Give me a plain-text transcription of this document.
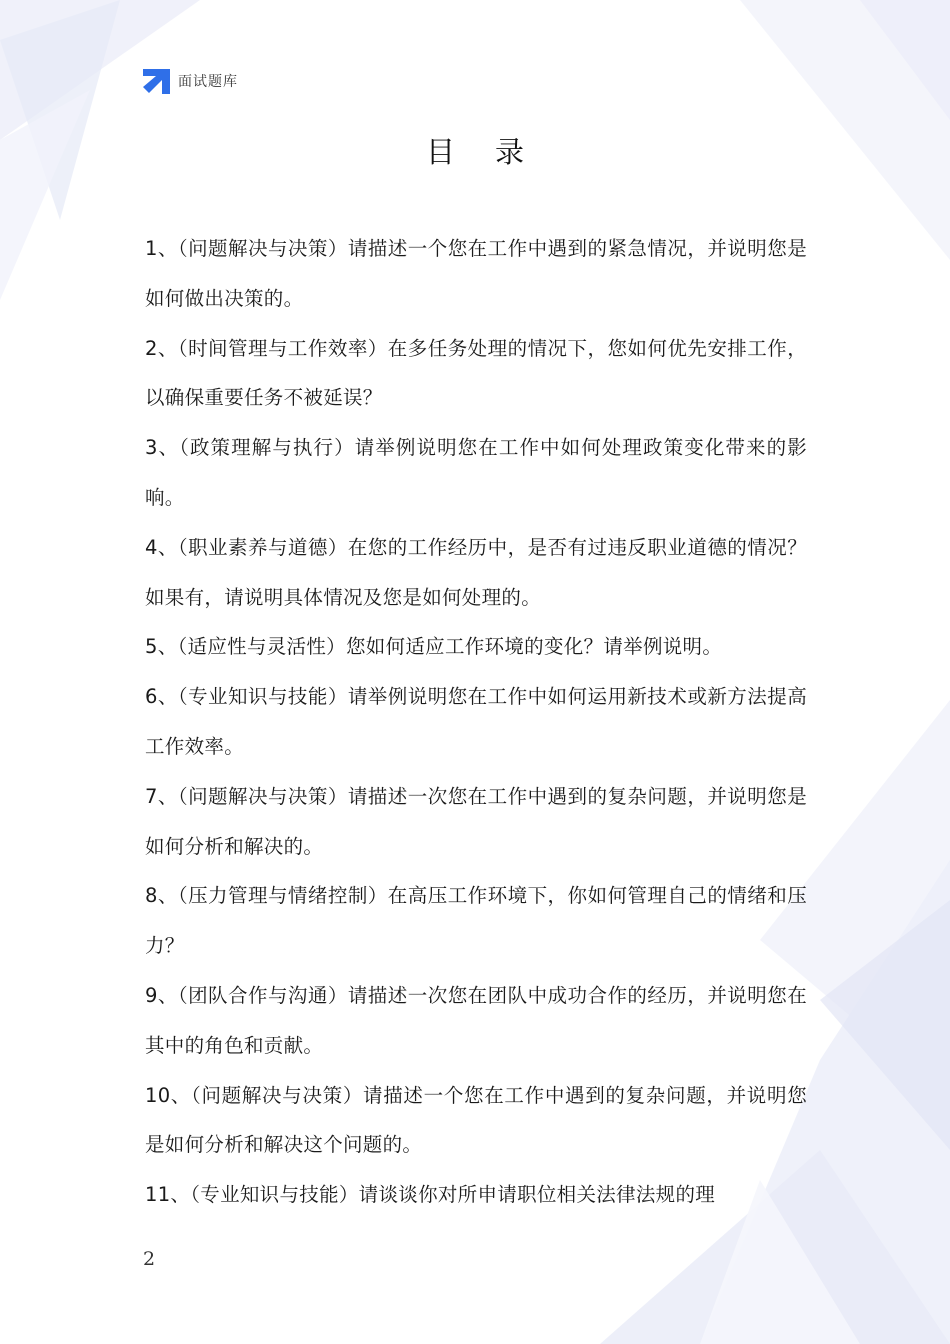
面试题库
目 录
1、（问题解决与决策）请描述一个您在工作中遇到的紧急情况，并说明您是如何做出决策的。
2、（时间管理与工作效率）在多任务处理的情况下，您如何优先安排工作，以确保重要任务不被延误？
3、（政策理解与执行）请举例说明您在工作中如何处理政策变化带来的影响。
4、（职业素养与道德）在您的工作经历中，是否有过违反职业道德的情况？如果有，请说明具体情况及您是如何处理的。
5、（适应性与灵活性）您如何适应工作环境的变化？请举例说明。
6、（专业知识与技能）请举例说明您在工作中如何运用新技术或新方法提高工作效率。
7、（问题解决与决策）请描述一次您在工作中遇到的复杂问题，并说明您是如何分析和解决的。
8、（压力管理与情绪控制）在高压工作环境下，你如何管理自己的情绪和压力？
9、（团队合作与沟通）请描述一次您在团队中成功合作的经历，并说明您在其中的角色和贡献。
10、（问题解决与决策）请描述一个您在工作中遇到的复杂问题，并说明您是如何分析和解决这个问题的。
11、（专业知识与技能）请谈谈你对所申请职位相关法律法规的理
2
